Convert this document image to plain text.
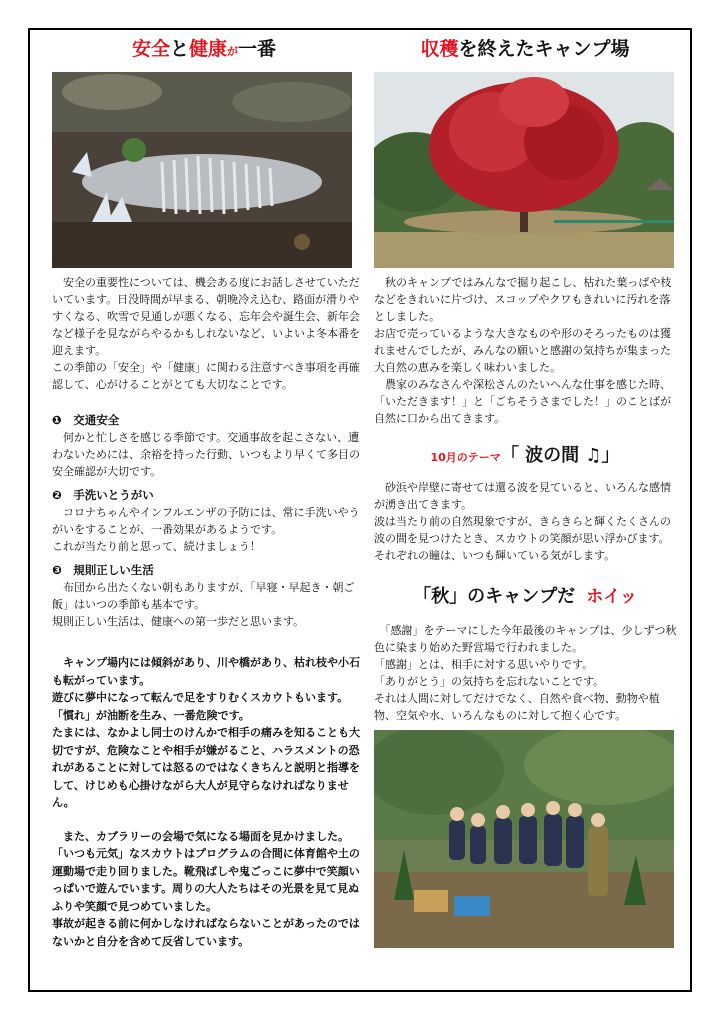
安全と健康が一番

　安全の重要性については、機会ある度にお話しさせていただいています。日没時間が早まる、朝晩冷え込む、路面が滑りやすくなる、吹雪で見通しが悪くなる、忘年会や誕生会、新年会など様子を見ながらやるかもしれないなど、いよいよ冬本番を迎えます。
この季節の「安全」や「健康」に関わる注意すべき事項を再確認して、心がけることがとても大切なことです。

❶　 交通安全

　何かと忙しさを感じる季節です。交通事故を起こさない、遭わないためには、余裕を持った行動、いつもより早くて多目の安全確認が大切です。

❷　 手洗いとうがい

　コロナちゃんやインフルエンザの予防には、常に手洗いやうがいをすることが、一番効果があるようです。
これが当たり前と思って、続けましょう！

❸　 規則正しい生活

　布団から出たくない朝もありますが、「早寝・早起き・朝ご飯」はいつの季節も基本です。
規則正しい生活は、健康への第一歩だと思います。

　キャンプ場内には傾斜があり、川や橋があり、枯れ枝や小石も転がっています。
遊びに夢中になって転んで足をすりむくスカウトもいます。
「慣れ」が油断を生み、一番危険です。
たまには、なかよし同士のけんかで相手の痛みを知ることも大切ですが、危険なことや相手が嫌がること、ハラスメントの恐れがあることに対しては怒るのではなくきちんと説明と指導をして、けじめも心掛けながら大人が見守らなければなりません。

　また、カブラリーの会場で気になる場面を見かけました。
「いつも元気」なスカウトはプログラムの合間に体育館や土の運動場で走り回りました。靴飛ばしや鬼ごっこに夢中で笑顔いっぱいで遊んでいます。周りの大人たちはその光景を見て見ぬふりや笑顔で見つめていました。
事故が起きる前に何かしなければならないことがあったのではないかと自分を含めて反省しています。

収穫を終えたキャンプ場

　秋のキャンプではみんなで掘り起こし、枯れた葉っぱや枝などをきれいに片づけ、スコップやクワもきれいに汚れを落としました。
お店で売っているような大きなものや形のそろったものは獲れませんでしたが、みんなの願いと感謝の気持ちが集まった大自然の恵みを楽しく味わいました。
　農家のみなさんや深松さんのたいへんな仕事を感じた時、「いただきます！」と「ごちそうさまでした！」のことばが自然に口から出てきます。

10月のテーマ「 波の間 ♫」

　砂浜や岸壁に寄せては還る波を見ていると、いろんな感情が湧き出てきます。
波は当たり前の自然現象ですが、きらきらと輝くたくさんの波の間を見つけたとき、スカウトの笑顔が思い浮かびます。
それぞれの瞳は、いつも輝いている気がします。

「秋」のキャンプだ ホイッ

　「感謝」をテーマにした今年最後のキャンプは、少しずつ秋色に染まり始めた野営場で行われました。
「感謝」とは、相手に対する思いやりです。
「ありがとう」の気持ちを忘れないことです。
それは人間に対してだけでなく、自然や食べ物、動物や植物、空気や水、いろんなものに対して抱く心です。
